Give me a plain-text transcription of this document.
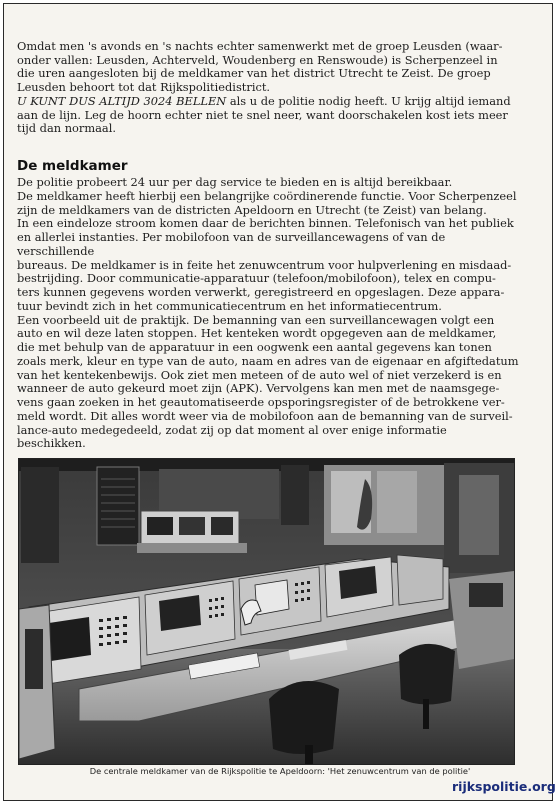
Omdat men 's avonds en 's nachts echter samenwerkt met de groep Leusden (waar-

onder vallen: Leusden, Achterveld, Woudenberg en Renswoude) is Scherpenzeel in

die uren aangesloten bij de meldkamer van het district Utrecht te Zeist. De groep

Leusden behoort tot dat Rijkspolitiedistrict.

U KUNT DUS ALTIJD 3024 BELLEN als u de politie nodig heeft. U krijg altijd iemand

aan de lijn. Leg de hoorn echter niet te snel neer, want doorschakelen kost iets meer

tijd dan normaal.

De meldkamer

De politie probeert 24 uur per dag service te bieden en is altijd bereikbaar.

De meldkamer heeft hierbij een belangrijke coördinerende functie. Voor Scherpenzeel

zijn de meldkamers van de districten Apeldoorn en Utrecht (te Zeist) van belang.

In een eindeloze stroom komen daar de berichten binnen. Telefonisch van het publiek

en allerlei instanties. Per mobilofoon van de surveillancewagens of van de verschillende

bureaus. De meldkamer is in feite het zenuwcentrum voor hulpverlening en misdaad-

bestrijding. Door communicatie-apparatuur (telefoon/mobilofoon), telex en compu-

ters kunnen gegevens worden verwerkt, geregistreerd en opgeslagen. Deze appara-

tuur bevindt zich in het communicatiecentrum en het informatiecentrum.

Een voorbeeld uit de praktijk. De bemanning van een surveillancewagen volgt een

auto en wil deze laten stoppen. Het kenteken wordt opgegeven aan de meldkamer,

die met behulp van de apparatuur in een oogwenk een aantal gegevens kan tonen

zoals merk, kleur en type van de auto, naam en adres van de eigenaar en afgiftedatum

van het kentekenbewijs. Ook ziet men meteen of de auto wel of niet verzekerd is en

wanneer de auto gekeurd moet zijn (APK). Vervolgens kan men met de naamsgege-

vens gaan zoeken in het geautomatiseerde opsporingsregister of de betrokkene ver-

meld wordt. Dit alles wordt weer via de mobilofoon aan de bemanning van de surveil-

lance-auto medegedeeld, zodat zij op dat moment al over enige informatie beschikken.

De centrale meldkamer van de Rijkspolitie te Apeldoorn: 'Het zenuwcentrum van de politie'
rijkspolitie.org
